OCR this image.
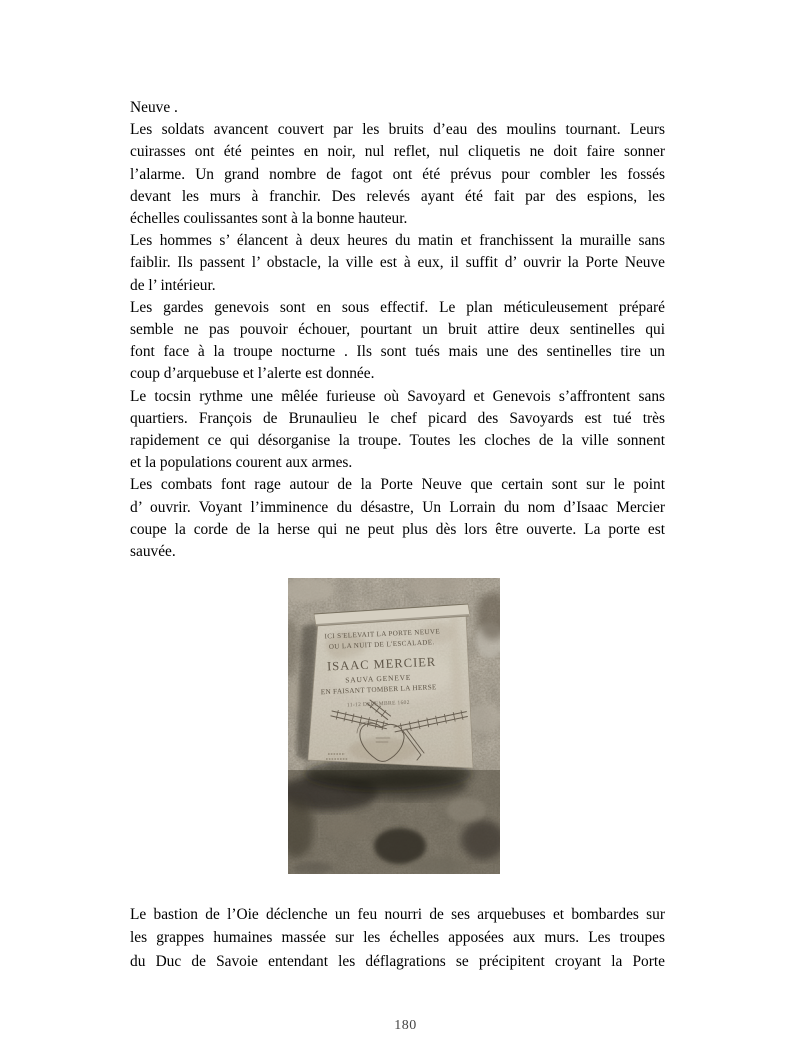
Neuve .
Les soldats avancent couvert par les bruits d’eau des moulins tournant. Leurs
cuirasses ont été peintes en noir, nul reflet, nul cliquetis ne doit faire sonner
l’alarme. Un grand nombre de fagot ont été prévus pour combler les fossés
devant les murs à franchir. Des relevés ayant été fait par des espions, les
échelles coulissantes sont à la bonne hauteur.
Les hommes s’ élancent à deux heures du matin et franchissent la muraille sans
faiblir. Ils passent l’ obstacle, la ville est à eux, il suffit d’ ouvrir la Porte Neuve
de l’ intérieur.
Les gardes genevois sont en sous effectif. Le plan méticuleusement préparé
semble ne pas pouvoir échouer, pourtant un bruit attire deux sentinelles qui
font face à la troupe nocturne . Ils sont tués mais une des sentinelles tire un
coup d’arquebuse et l’alerte est donnée.
Le tocsin rythme une mêlée furieuse où Savoyard et Genevois s’affrontent sans
quartiers. François de Brunaulieu le chef picard des Savoyards est tué très
rapidement ce qui désorganise la troupe. Toutes les cloches de la ville sonnent
et la populations courent aux armes.
Les combats font rage autour de la Porte Neuve que certain sont sur le point
d’ ouvrir. Voyant l’imminence du désastre, Un Lorrain du nom d’Isaac Mercier
coupe la corde de la herse qui ne peut plus dès lors être ouverte. La porte est
sauvée.
ICI S'ELEVAIT LA PORTE NEUVE
OU LA NUIT DE L'ESCALADE.
ISAAC MERCIER
SAUVA GENEVE
EN FAISANT TOMBER LA HERSE
11-12 DECEMBRE 1602
Le bastion de l’Oie déclenche un feu nourri de ses arquebuses et bombardes sur
les grappes humaines massée sur les échelles apposées aux murs. Les troupes
du Duc de Savoie entendant les déflagrations se précipitent croyant la Porte
180
